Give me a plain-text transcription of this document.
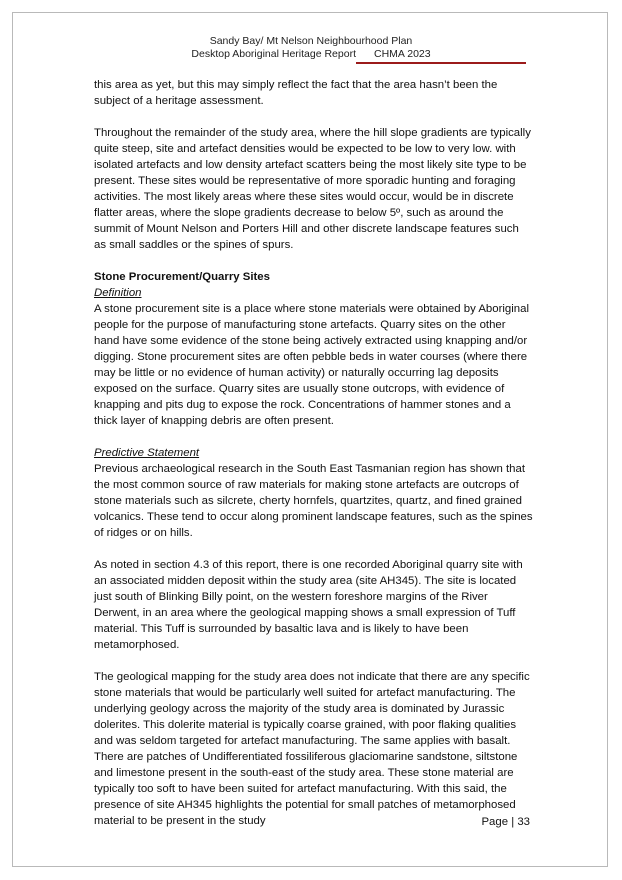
Sandy Bay/ Mt Nelson Neighbourhood Plan
Desktop Aboriginal Heritage Report CHMA 2023

this area as yet, but this may simply reflect the fact that the area hasn’t been the subject of a heritage assessment.

Throughout the remainder of the study area, where the hill slope gradients are typically quite steep, site and artefact densities would be expected to be low to very low. with isolated artefacts and low density artefact scatters being the most likely site type to be present. These sites would be representative of more sporadic hunting and foraging activities. The most likely areas where these sites would occur, would be in discrete flatter areas, where the slope gradients decrease to below 5º, such as around the summit of Mount Nelson and Porters Hill and other discrete landscape features such as small saddles or the spines of spurs.

Stone Procurement/Quarry Sites

Definition

A stone procurement site is a place where stone materials were obtained by Aboriginal people for the purpose of manufacturing stone artefacts. Quarry sites on the other hand have some evidence of the stone being actively extracted using knapping and/or digging. Stone procurement sites are often pebble beds in water courses (where there may be little or no evidence of human activity) or naturally occurring lag deposits exposed on the surface. Quarry sites are usually stone outcrops, with evidence of knapping and pits dug to expose the rock. Concentrations of hammer stones and a thick layer of knapping debris are often present.

Predictive Statement

Previous archaeological research in the South East Tasmanian region has shown that the most common source of raw materials for making stone artefacts are outcrops of stone materials such as silcrete, cherty hornfels, quartzites, quartz, and fined grained volcanics. These tend to occur along prominent landscape features, such as the spines of ridges or on hills.

As noted in section 4.3 of this report, there is one recorded Aboriginal quarry site with an associated midden deposit within the study area (site AH345). The site is located just south of Blinking Billy point, on the western foreshore margins of the River Derwent, in an area where the geological mapping shows a small expression of Tuff material. This Tuff is surrounded by basaltic lava and is likely to have been metamorphosed.

The geological mapping for the study area does not indicate that there are any specific stone materials that would be particularly well suited for artefact manufacturing. The underlying geology across the majority of the study area is dominated by Jurassic dolerites. This dolerite material is typically coarse grained, with poor flaking qualities and was seldom targeted for artefact manufacturing. The same applies with basalt. There are patches of Undifferentiated fossiliferous glaciomarine sandstone, siltstone and limestone present in the south-east of the study area. These stone material are typically too soft to have been suited for artefact manufacturing. With this said, the presence of site AH345 highlights the potential for small patches of metamorphosed material to be present in the study	Page | 33
